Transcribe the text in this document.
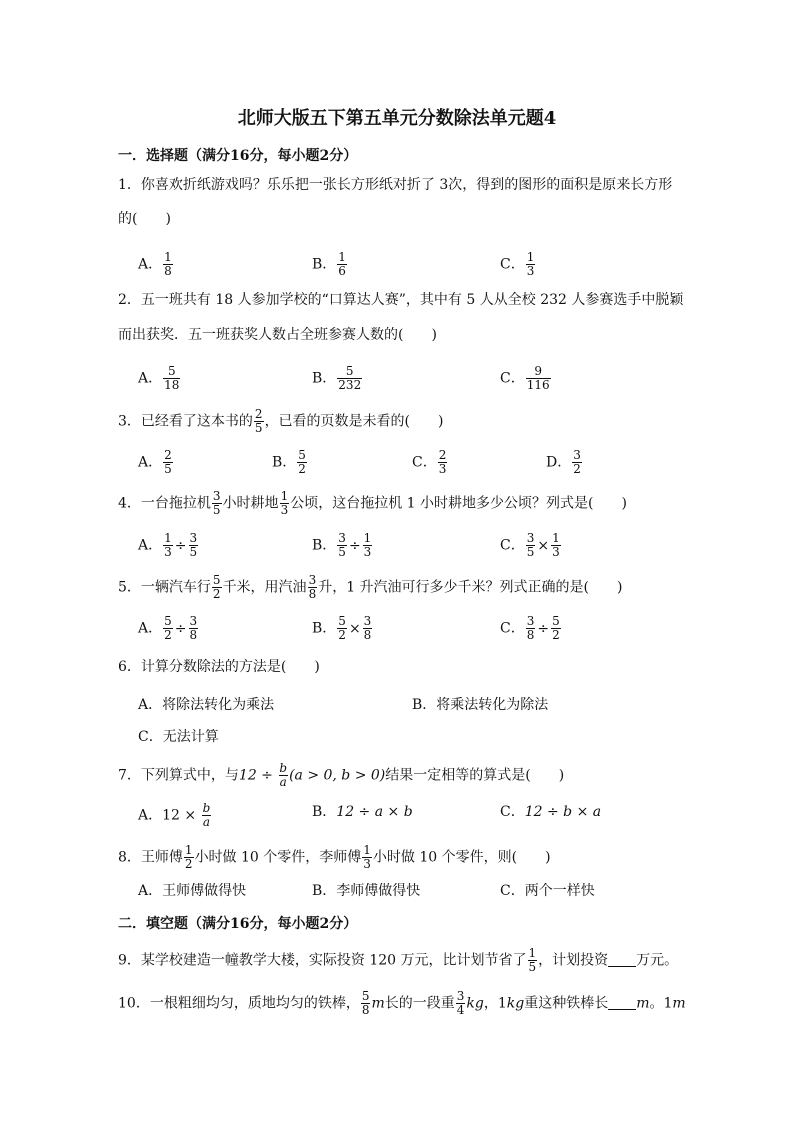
北师大版五下第五单元分数除法单元题4
一．选择题（满分16分，每小题2分）
1．你喜欢折纸游戏吗？乐乐把一张长方形纸对折了 3次，得到的图形的面积是原来长方形
的(　　)
A． $\frac{1}{8}$	B． $\frac{1}{6}$	C． $\frac{1}{3}$
2．五一班共有 18 人参加学校的“口算达人赛”，其中有 5 人从全校 232 人参赛选手中脱颖
而出获奖．五一班获奖人数占全班参赛人数的(　　)
A． $\frac{5}{18}$	B． $\frac{5}{232}$	C． $\frac{9}{116}$
3．已经看了这本书的 $\frac{2}{5}$ ，已看的页数是未看的(　　)
A． $\frac{2}{5}$	B． $\frac{5}{2}$	C． $\frac{2}{3}$	D． $\frac{3}{2}$
4．一台拖拉机 $\frac{3}{5}$ 小时耕地 $\frac{1}{3}$ 公顷，这台拖拉机 1 小时耕地多少公顷？列式是(　　)
A． $\frac{1}{3} \div \frac{3}{5}$	B． $\frac{3}{5} \div \frac{1}{3}$	C． $\frac{3}{5} \times \frac{1}{3}$
5．一辆汽车行 $\frac{5}{2}$ 千米，用汽油 $\frac{3}{8}$ 升，1 升汽油可行多少千米？列式正确的是(　　)
A． $\frac{5}{2} \div \frac{3}{8}$	B． $\frac{5}{2} \times \frac{3}{8}$	C． $\frac{3}{8} \div \frac{5}{2}$
6．计算分数除法的方法是(　　)
A．将除法转化为乘法	B．将乘法转化为除法
C．无法计算
7．下列算式中，与$12 \div \frac{b}{a} (a > 0$, b > 0)结果一定相等的算式是(　　)
A．$12 \times \frac{b}{a}$	B．12 ÷ a × b	C．12 ÷ b × a
8．王师傅 $\frac{1}{2}$ 小时做 10 个零件，李师傅 $\frac{1}{3}$ 小时做 10 个零件，则(　　)
A．王师傅做得快	B．李师傅做得快	C．两个一样快
二．填空题（满分16分，每小题2分）
9．某学校建造一幢教学大楼，实际投资 120 万元，比计划节省了 $\frac{1}{5}$ ，计划投资 万元。
10．一根粗细均匀，质地均匀的铁棒， $\frac{5}{8}$ m长的一段重 $\frac{3}{4}$ kg，1kg重这种铁棒长 m。1m
